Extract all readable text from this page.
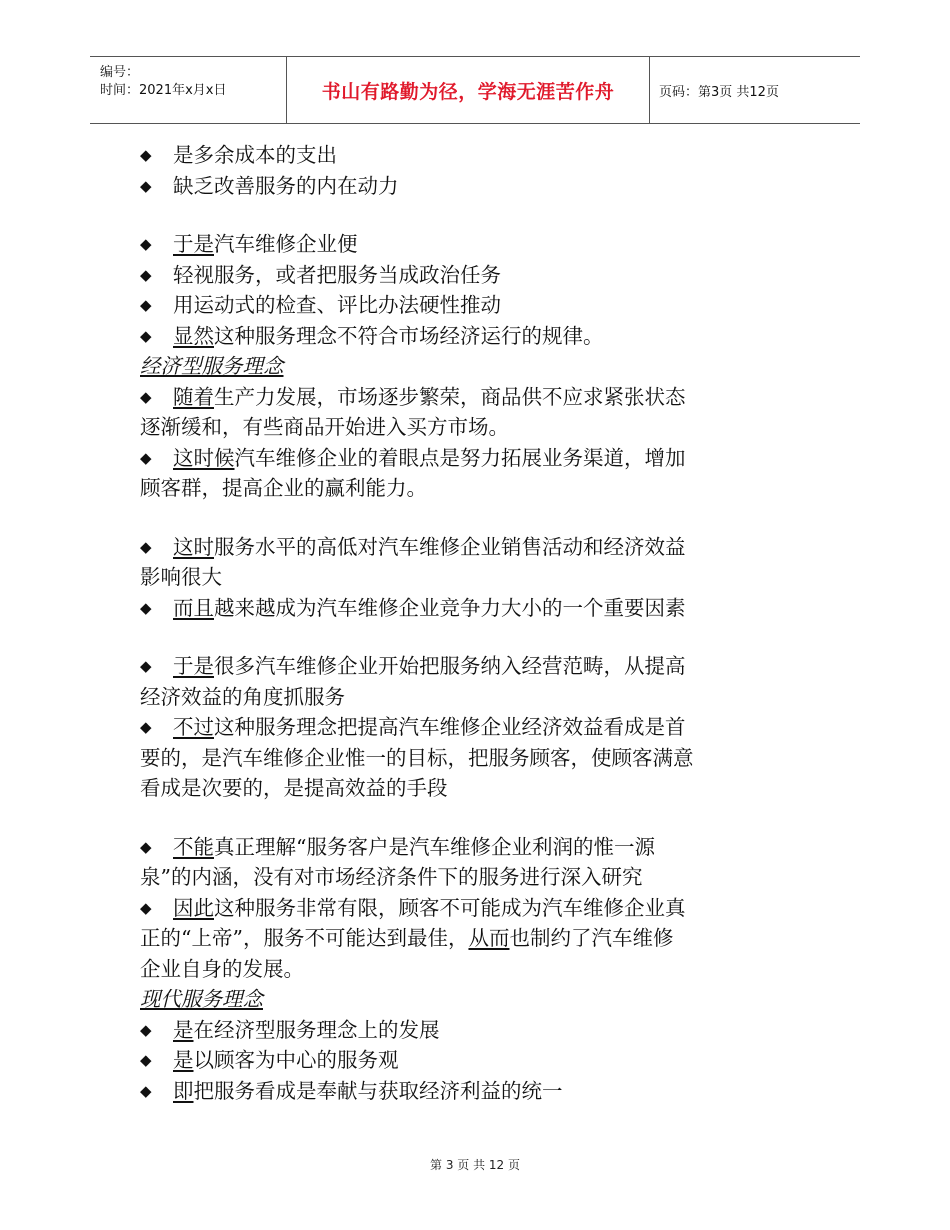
编号：
时间：2021年x月x日	书山有路勤为径，学海无涯苦作舟	页码：第3页 共12页
◆ 是多余成本的支出
◆ 缺乏改善服务的内在动力
◆ 于是汽车维修企业便
◆ 轻视服务，或者把服务当成政治任务
◆ 用运动式的检查、评比办法硬性推动
◆ 显然这种服务理念不符合市场经济运行的规律。
经济型服务理念
◆ 随着生产力发展，市场逐步繁荣，商品供不应求紧张状态
逐渐缓和，有些商品开始进入买方市场。
◆ 这时候汽车维修企业的着眼点是努力拓展业务渠道，增加
顾客群，提高企业的赢利能力。
◆ 这时服务水平的高低对汽车维修企业销售活动和经济效益
影响很大
◆ 而且越来越成为汽车维修企业竞争力大小的一个重要因素
◆ 于是很多汽车维修企业开始把服务纳入经营范畴，从提高
经济效益的角度抓服务
◆ 不过这种服务理念把提高汽车维修企业经济效益看成是首
要的，是汽车维修企业惟一的目标，把服务顾客，使顾客满意
看成是次要的，是提高效益的手段
◆ 不能真正理解“服务客户是汽车维修企业利润的惟一源
泉”的内涵，没有对市场经济条件下的服务进行深入研究
◆ 因此这种服务非常有限，顾客不可能成为汽车维修企业真
正的“上帝”，服务不可能达到最佳，从而也制约了汽车维修
企业自身的发展。
现代服务理念
◆ 是在经济型服务理念上的发展
◆ 是以顾客为中心的服务观
◆ 即把服务看成是奉献与获取经济利益的统一
第 3 页 共 12 页
